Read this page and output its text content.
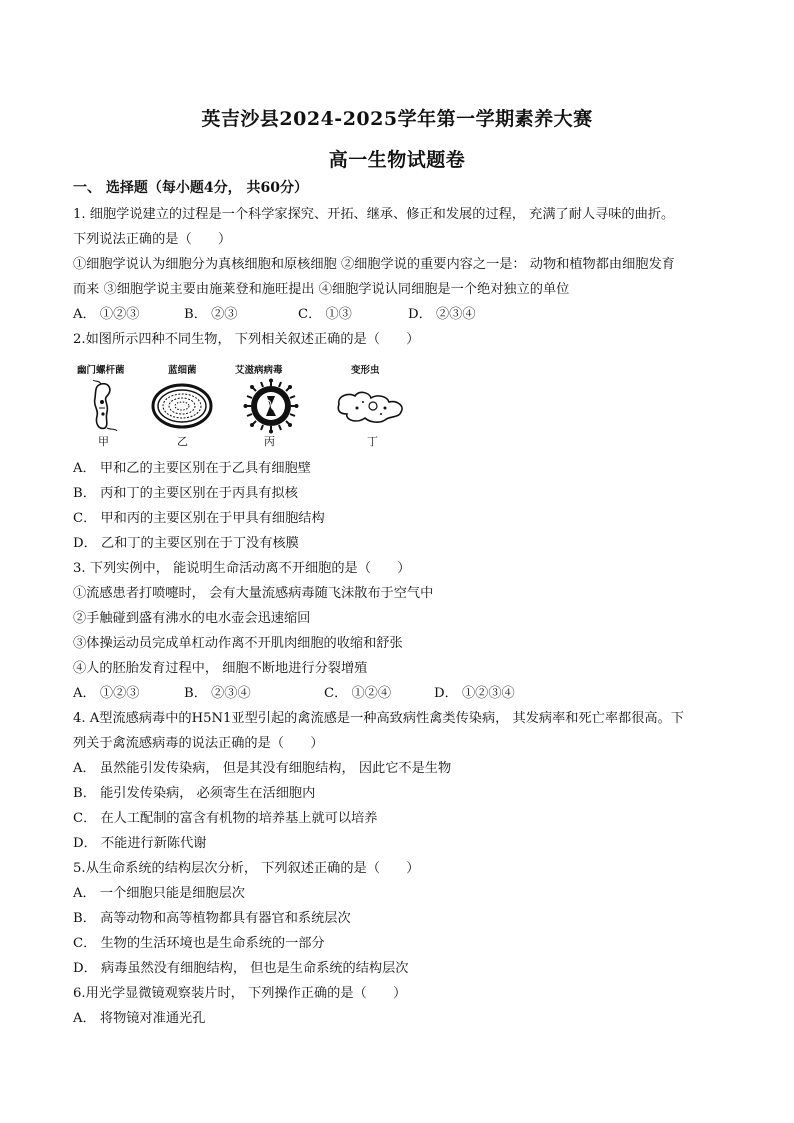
英吉沙县2024-2025学年第一学期素养大赛
高一生物试题卷
一、 选择题（每小题4分， 共60分）
1. 细胞学说建立的过程是一个科学家探究、开拓、继承、修正和发展的过程， 充满了耐人寻味的曲折。
下列说法正确的是（　　）
①细胞学说认为细胞分为真核细胞和原核细胞 ②细胞学说的重要内容之一是： 动物和植物都由细胞发育
而来 ③细胞学说主要由施莱登和施旺提出 ④细胞学说认同细胞是一个绝对独立的单位
A． ①②③	B． ②③	C． ①③	D． ②③④
2.如图所示四种不同生物， 下列相关叙述正确的是（　　）
幽门螺杆菌	蓝细菌	艾滋病病毒	变形虫
甲	乙	丙	丁
A． 甲和乙的主要区别在于乙具有细胞壁
B． 丙和丁的主要区别在于丙具有拟核
C． 甲和丙的主要区别在于甲具有细胞结构
D． 乙和丁的主要区别在于丁没有核膜
3. 下列实例中， 能说明生命活动离不开细胞的是（　　）
①流感患者打喷嚏时， 会有大量流感病毒随飞沫散布于空气中
②手触碰到盛有沸水的电水壶会迅速缩回
③体操运动员完成单杠动作离不开肌肉细胞的收缩和舒张
④人的胚胎发育过程中， 细胞不断地进行分裂增殖
A． ①②③	B． ②③④	C． ①②④	D． ①②③④
4. A型流感病毒中的H5N1亚型引起的禽流感是一种高致病性禽类传染病， 其发病率和死亡率都很高。下
列关于禽流感病毒的说法正确的是（　　）
A． 虽然能引发传染病， 但是其没有细胞结构， 因此它不是生物
B． 能引发传染病， 必须寄生在活细胞内
C． 在人工配制的富含有机物的培养基上就可以培养
D． 不能进行新陈代谢
5.从生命系统的结构层次分析， 下列叙述正确的是（　　）
A． 一个细胞只能是细胞层次
B． 高等动物和高等植物都具有器官和系统层次
C． 生物的生活环境也是生命系统的一部分
D． 病毒虽然没有细胞结构， 但也是生命系统的结构层次
6.用光学显微镜观察装片时， 下列操作正确的是（　　）
A． 将物镜对准通光孔
